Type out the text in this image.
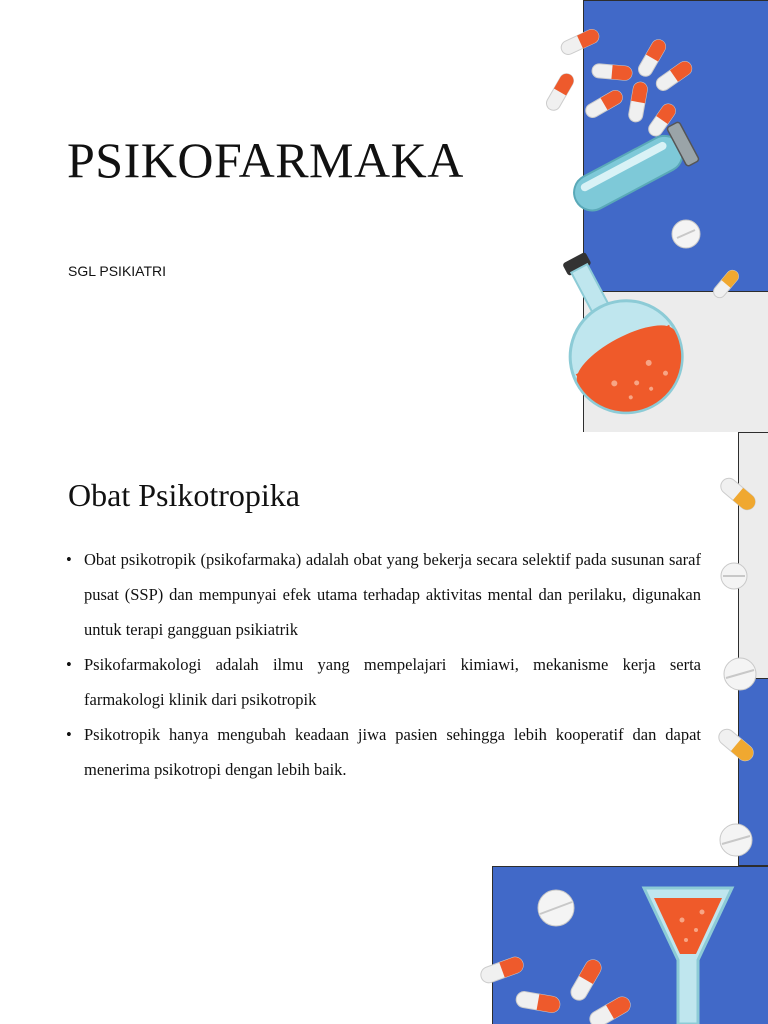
PSIKOFARMAKA
SGL PSIKIATRI
Obat Psikotropika
• Obat psikotropik (psikofarmaka) adalah obat yang bekerja secara selektif pada susunan saraf pusat (SSP) dan mempunyai efek utama terhadap aktivitas mental dan perilaku, digunakan untuk terapi gangguan psikiatrik
• Psikofarmakologi adalah ilmu yang mempelajari kimiawi, mekanisme kerja serta farmakologi klinik dari psikotropik
• Psikotropik hanya mengubah keadaan jiwa pasien sehingga lebih kooperatif dan dapat menerima psikotropi dengan lebih baik.
